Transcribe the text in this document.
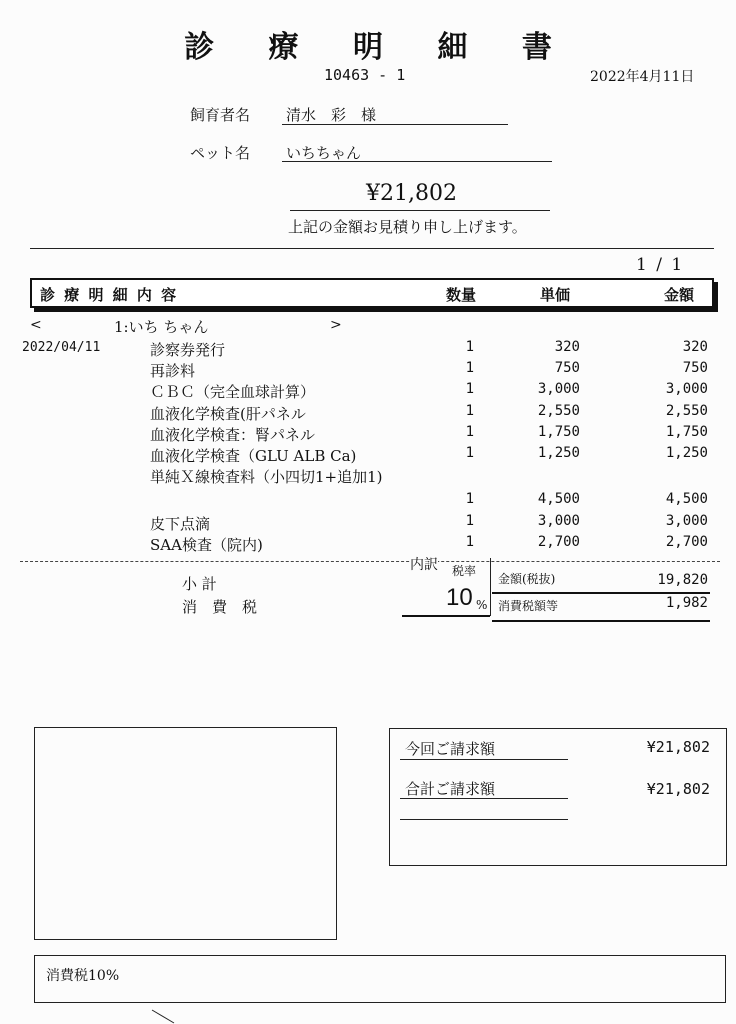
診 療 明 細 書
10463 - 1	2022年4月11日
飼育者名 清水　彩　様
ペット名 いちちゃん
¥21,802
上記の金額お見積り申し上げます。
1 / 1
診 療 明 細 内 容	数量	単価	金額
<	1:いち ちゃん	>
2022/04/11	診察券発行	1	320	320
再診料	1	750	750
ＣＢＣ（完全血球計算）	1	3,000	3,000
血液化学検査(肝パネル	1	2,550	2,550
血液化学検査：腎パネル	1	1,750	1,750
血液化学検査（GLU ALB Ca)	1	1,250	1,250
単純Ｘ線検査料（小四切1+追加1)
1	4,500	4,500
皮下点滴	1	3,000	3,000
SAA検査（院内)	1	2,700	2,700
小 計
消　費　税
内訳 税率
10 %
金額(税抜)	19,820
消費税額等	1,982
今回ご請求額	¥21,802
合計ご請求額	¥21,802
消費税10%
